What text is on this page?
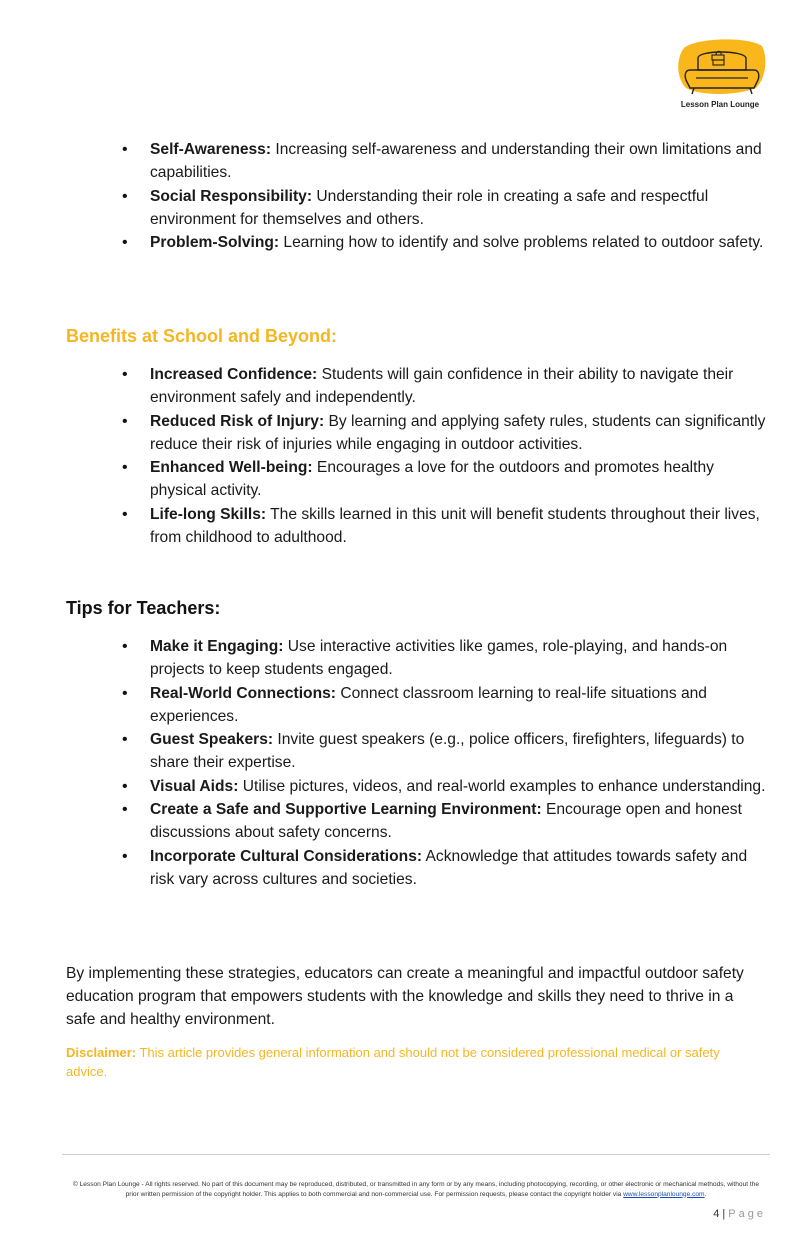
Lesson Plan Lounge
• Self-Awareness: Increasing self-awareness and understanding their own limitations and capabilities.
• Social Responsibility: Understanding their role in creating a safe and respectful environment for themselves and others.
• Problem-Solving: Learning how to identify and solve problems related to outdoor safety.
Benefits at School and Beyond:
• Increased Confidence: Students will gain confidence in their ability to navigate their environment safely and independently.
• Reduced Risk of Injury: By learning and applying safety rules, students can significantly reduce their risk of injuries while engaging in outdoor activities.
• Enhanced Well-being: Encourages a love for the outdoors and promotes healthy physical activity.
• Life-long Skills: The skills learned in this unit will benefit students throughout their lives, from childhood to adulthood.
Tips for Teachers:
• Make it Engaging: Use interactive activities like games, role-playing, and hands-on projects to keep students engaged.
• Real-World Connections: Connect classroom learning to real-life situations and experiences.
• Guest Speakers: Invite guest speakers (e.g., police officers, firefighters, lifeguards) to share their expertise.
• Visual Aids: Utilise pictures, videos, and real-world examples to enhance understanding.
• Create a Safe and Supportive Learning Environment: Encourage open and honest discussions about safety concerns.
• Incorporate Cultural Considerations: Acknowledge that attitudes towards safety and risk vary across cultures and societies.

By implementing these strategies, educators can create a meaningful and impactful outdoor safety education program that empowers students with the knowledge and skills they need to thrive in a safe and healthy environment.

Disclaimer: This article provides general information and should not be considered professional medical or safety advice.

© Lesson Plan Lounge - All rights reserved. No part of this document may be reproduced, distributed, or transmitted in any form or by any means, including photocopying, recording, or other electronic or mechanical methods, without the prior written permission of the copyright holder. This applies to both commercial and non-commercial use. For permission requests, please contact the copyright holder via www.lessonplanlounge.com.

4 | Page
